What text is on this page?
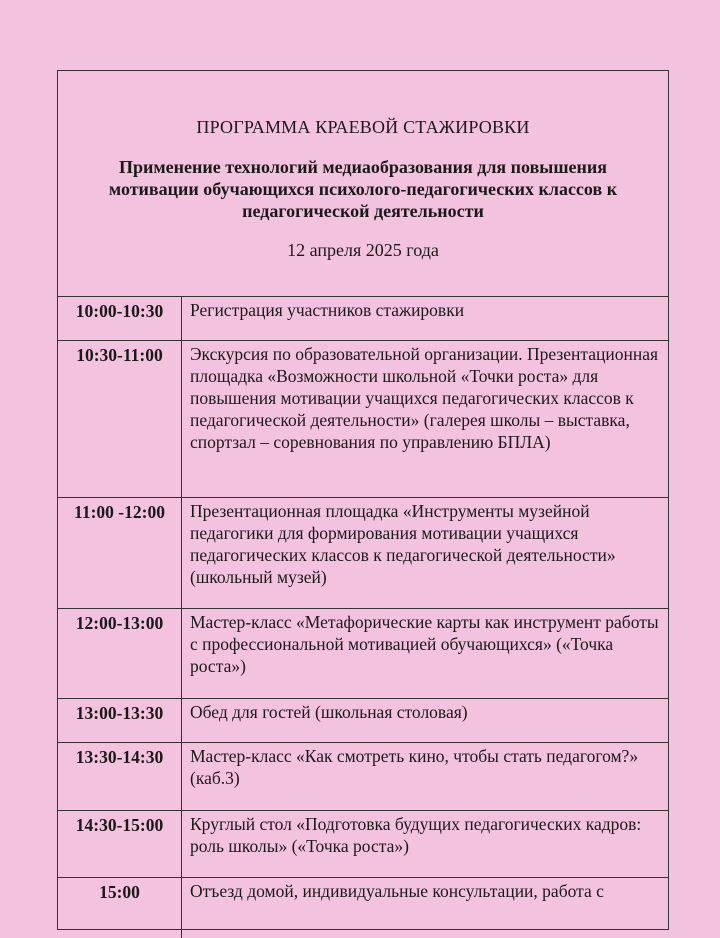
ПРОГРАММА КРАЕВОЙ СТАЖИРОВКИ
Применение технологий медиаобразования для повышения мотивации обучающихся психолого-педагогических классов к педагогической деятельности
12 апреля 2025 года
10:00-10:30	Регистрация участников стажировки
10:30-11:00	Экскурсия по образовательной организации. Презентационная площадка «Возможности школьной «Точки роста» для повышения мотивации учащихся педагогических классов к педагогической деятельности» (галерея школы – выставка, спортзал – соревнования по управлению БПЛА)
11:00 -12:00	Презентационная площадка «Инструменты музейной педагогики для формирования мотивации учащихся педагогических классов к педагогической деятельности» (школьный музей)
12:00-13:00	Мастер-класс «Метафорические карты как инструмент работы с профессиональной мотивацией обучающихся» («Точка роста»)
13:00-13:30	Обед для гостей (школьная столовая)
13:30-14:30	Мастер-класс «Как смотреть кино, чтобы стать педагогом?» (каб.3)
14:30-15:00	Круглый стол «Подготовка будущих педагогических кадров: роль школы» («Точка роста»)
15:00	Отъезд домой, индивидуальные консультации, работа с
